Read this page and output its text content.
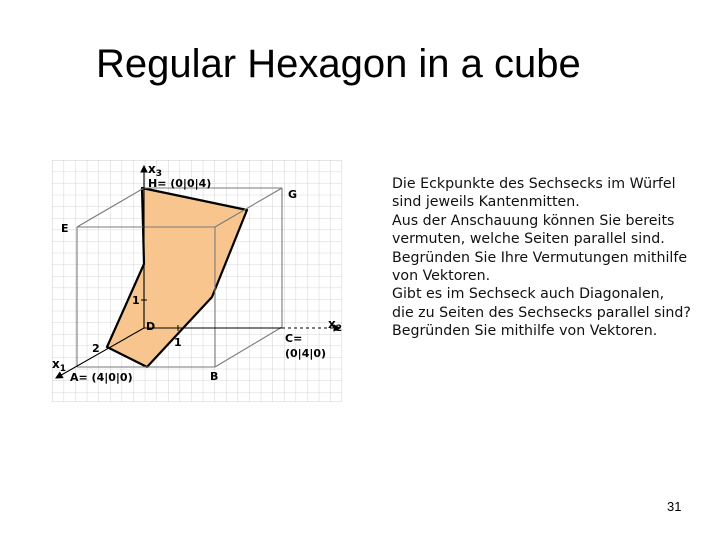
Regular Hexagon in a cube
$x_3$
H= (0|0|4)
G
E
1
D	$x_2$
C=
(0|4|0)
1
2
$x_1$
B
A= (4|0|0)
Die Eckpunkte des Sechsecks im Würfel
sind jeweils Kantenmitten.
Aus der Anschauung können Sie bereits
vermuten, welche Seiten parallel sind.
Begründen Sie Ihre Vermutungen mithilfe
von Vektoren.
Gibt es im Sechseck auch Diagonalen,
die zu Seiten des Sechsecks parallel sind?
Begründen Sie mithilfe von Vektoren.
31
